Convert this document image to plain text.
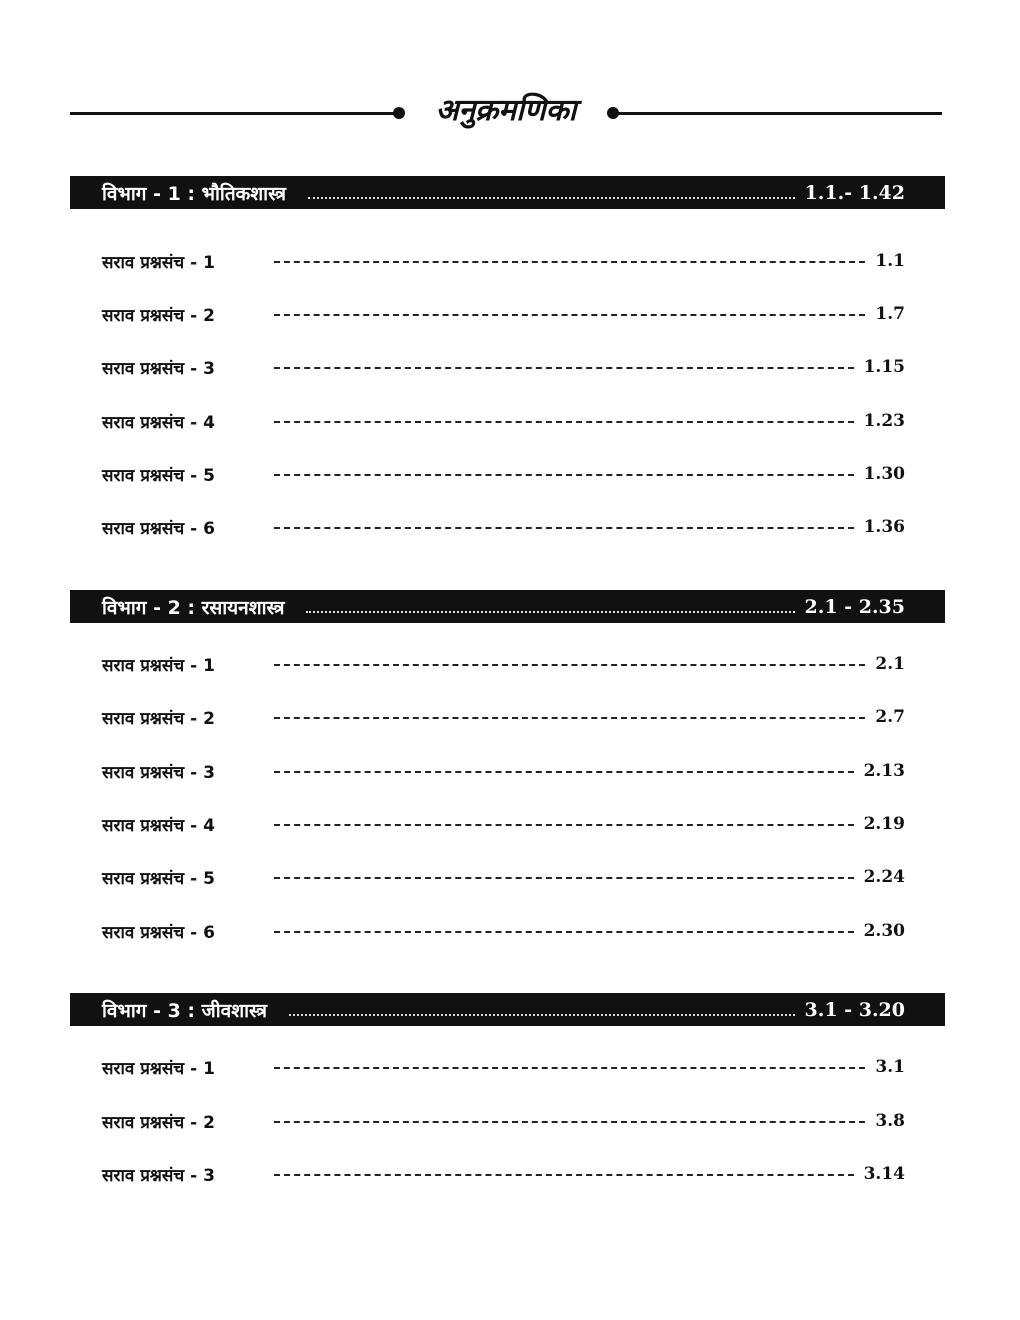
अनुक्रमणिका
विभाग - 1 : भौतिकशास्त्र	1.1.- 1.42
सराव प्रश्नसंच - 1	1.1
सराव प्रश्नसंच - 2	1.7
सराव प्रश्नसंच - 3	1.15
सराव प्रश्नसंच - 4	1.23
सराव प्रश्नसंच - 5	1.30
सराव प्रश्नसंच - 6	1.36
विभाग - 2 : रसायनशास्त्र	2.1 - 2.35
सराव प्रश्नसंच - 1	2.1
सराव प्रश्नसंच - 2	2.7
सराव प्रश्नसंच - 3	2.13
सराव प्रश्नसंच - 4	2.19
सराव प्रश्नसंच - 5	2.24
सराव प्रश्नसंच - 6	2.30
विभाग - 3 : जीवशास्त्र	3.1 - 3.20
सराव प्रश्नसंच - 1	3.1
सराव प्रश्नसंच - 2	3.8
सराव प्रश्नसंच - 3	3.14
